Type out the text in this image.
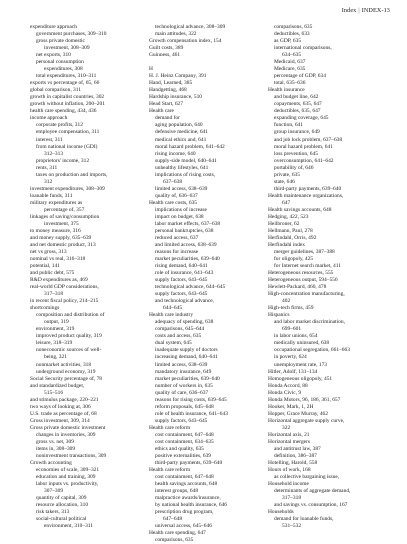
Index | INDEX-13
expenditure approach
government purchases, 309–310
gross private domestic
investment, 308–309
net exports, 310
personal consumption
expenditures, 308
total expenditures, 310–311
exports vs percentage of, 65, 66
global comparison, 311
growth in capitalist countries, 302
growth without inflation, 200–201
health care spending, 434, 436
income approach
corporate profits, 312
employee compensation, 311
interest, 311
from national income (GDI)
312–313
proprietors' income, 312
rents, 311
taxes on production and imports,
312
investment expenditures, 308–309
loanable funds, 311
military expenditures as
percentage of, 357
linkages of saving/consumption
investment, 375
to money measure, 316
and money supply, 635–639
and net domestic product, 313
net vs gross, 313
nominal vs real, 316–318
potential, 141
and public debt, 575
R&D expenditures as, 469
real-world GDP considerations,
317–318
in recent fiscal policy, 214–215
shortcomings
composition and distribution of
output, 319
environment, 319
improved product quality, 319
leisure, 318–319
noneconomic sources of well-
being, 321
nonmarket activities, 318
underground economy, 319
Social Security percentage of, 78
and standardized budget,
515–516
and stimulus package, 220–221
two ways of looking at, 306
U.S. trade as percentage of, 68
Gross investment, 309, 314
Gross private domestic investment
changes in inventories, 309
gross vs. net, 309
items in, 308–309
noninvestment transactions, 309
Growth accounting
economies of scale, 309–321
education and training, 309
labor inputs vs. productivity,
307–309
quantity of capital, 309
resource allocation, 310
risk takers, 313
social-cultural political
environment, 310–311
technological advance, 308–309
main attitudes, 322
Growth compensation index, 154
Guilt costs, 389
Guinness, 461
H
H. J. Heinz Company, 391
Hand, Learned, 385
Handgetting, 468
Hardship insurance, 510
Head Start, 627
Health care
demand for
aging population, 640
defensive medicine, 641
medical ethics and, 641
moral hazard problem, 641–642
rising income, 640
supply-side model, 640–641
unhealthy lifestyles, 641
implications of rising costs,
637–638
limited access, 638–639
quality of, 636–637
Health care costs, 635
implications of increase
impact on budget, 638
labor market effects, 637–638
personal bankruptcies, 638
reduced access, 637
and limited access, 638–639
reasons for increase
market peculiarities, 639–640
rising demand, 640–641
role of insurance, 641–643
supply factors, 643–645
technological advance, 644–645
supply factors, 643–645
and technological advance,
644–645
Health care industry
adequacy of spending, 638
comparisons, 645–644
costs and access, 635
dual system, 645
inadequate supply of doctors
increasing demand, 640–641
limited access, 638–639
mandatory insurance, 649
market peculiarities, 639–640
number of workers in, 635
quality of care, 636–637
reasons for rising costs, 639–645
reform proposals, 645–648
role of health insurance, 641–643
supply factors, 643–645
Health care reform
cost containment, 647–648
cost containment, 634–635
ethics and quality, 635
positive externalities, 639
third-party payments, 639–640
Health care reform
cost containment, 647–648
health savings accounts, 648
interest groups, 648
malpractice awards/insurance,
by national health insurance, 646
prescription drug program,
647–648
universal access, 645–646
Health care spending, 647
comparisons, 635
comparisons, 635
deductibles, 633
as GDP, 635
international comparisons,
634–635
Medicaid, 637
Medicare, 635
percentage of GDP, 634
total, 635–636
Health insurance
and budget line, 642
copayments, 635, 647
deductibles, 635, 647
expanding coverage, 645
function, 641
group insurance, 649
and job lock problem, 637–638
moral hazard problem, 641
loss prevention, 645
overconsumption, 641–642
portability of, 646
private, 635
state, 646
third-party payments, 639–640
Health maintenance organizations,
647
Health savings accounts, 648
Hedging, 422, 523
Heilbroner, 62
Hellmann, Paul, 278
Herfindahl, Orris, 492
Herfindahl index
merger guidelines, 387–388
for oligopoly, 425
for Internet search market, 411
Heterogeneous resources, 555
Heterogeneous output, 594–556
Hewlett-Packard, 460, 478
High-concentration manufacturing,
402
High-tech firms, 459
Hispanics
and labor market discrimination,
699–601
in labor unions, 654
medically uninsured, 638
occupational segregation, 661–663
in poverty, 624
unemployment rate, 173
Hitler, Adolf, 131–134
Homogeneous oligopoly, 451
Honda Accord, 88
Honda Civic, 9
Honda Motors, 96, 186, 361, 657
Hooker, Mark, 1, 2H
Hopper, Grace Murray, 462
Horizontal aggregate supply curve,
322
Horizontal axis, 21
Horizontal mergers
and antitrust law, 387
definition, 386–387
Hotelling, Harold, 558
Hours of work, 168
as collective bargaining issue,
Household income
determinants of aggregate demand,
317–318
and savings vs. consumption, 167
Households
demand for loanable funds,
531–532
